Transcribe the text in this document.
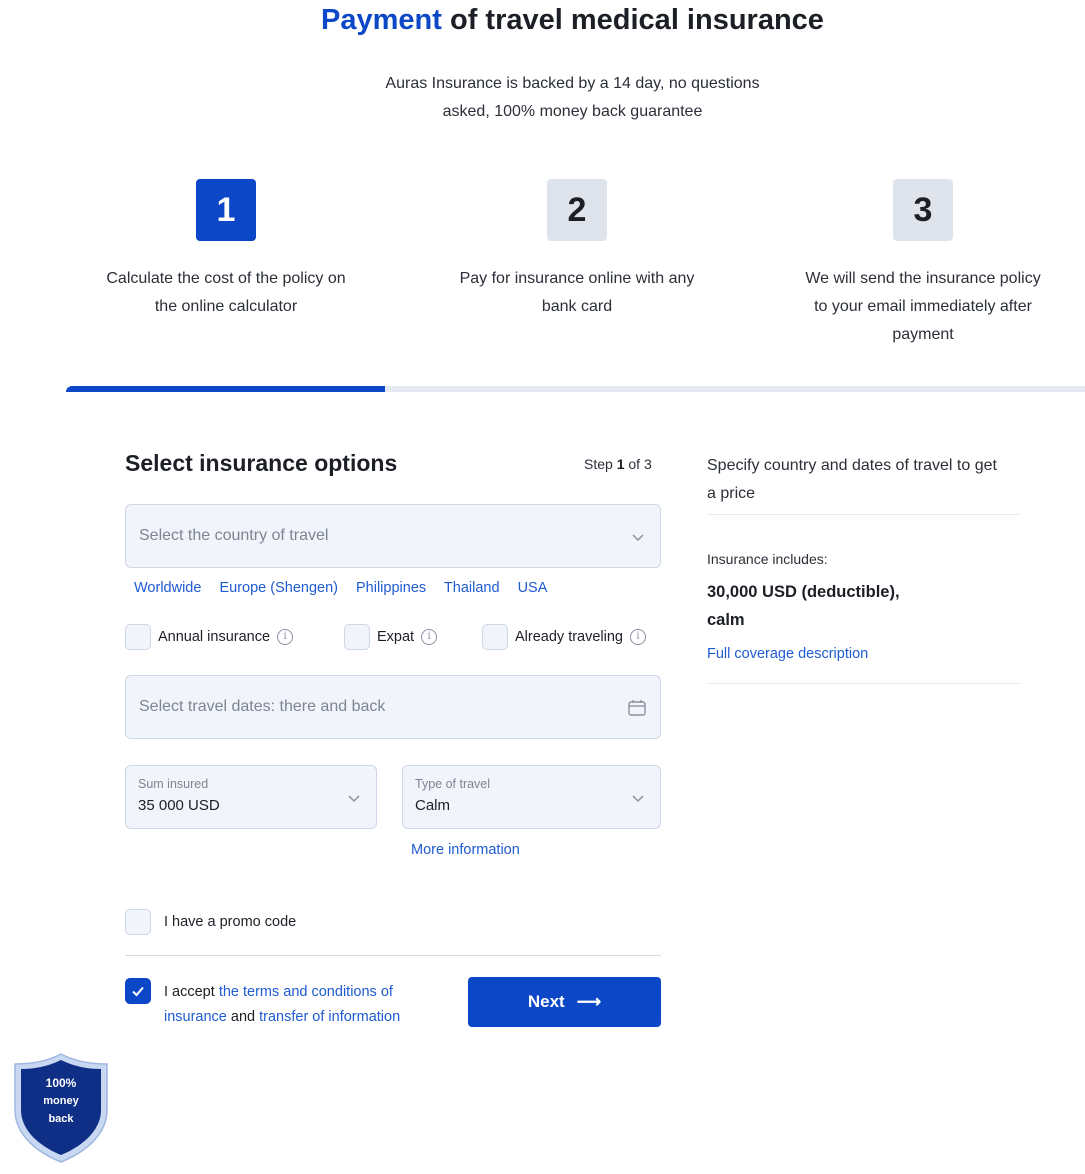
Payment of travel medical insurance
Auras Insurance is backed by a 14 day, no questions
asked, 100% money back guarantee
1
Calculate the cost of the policy on
the online calculator
2
Pay for insurance online with any
bank card
3
We will send the insurance policy
to your email immediately after
payment
Select insurance options	Step 1 of 3
Select the country of travel
Worldwide Europe (Shengen) Philippines Thailand USA
Annual insurance	i	Expat	i	Already traveling	i
Select travel dates: there and back
Sum insured
35 000 USD
Type of travel
Calm
More information
I have a promo code
I accept the terms and conditions of insurance and transfer of information
Next ⟶
Specify country and dates of travel to get a price
Insurance includes:
30,000 USD (deductible),
calm
Full coverage description
100%
money
back
